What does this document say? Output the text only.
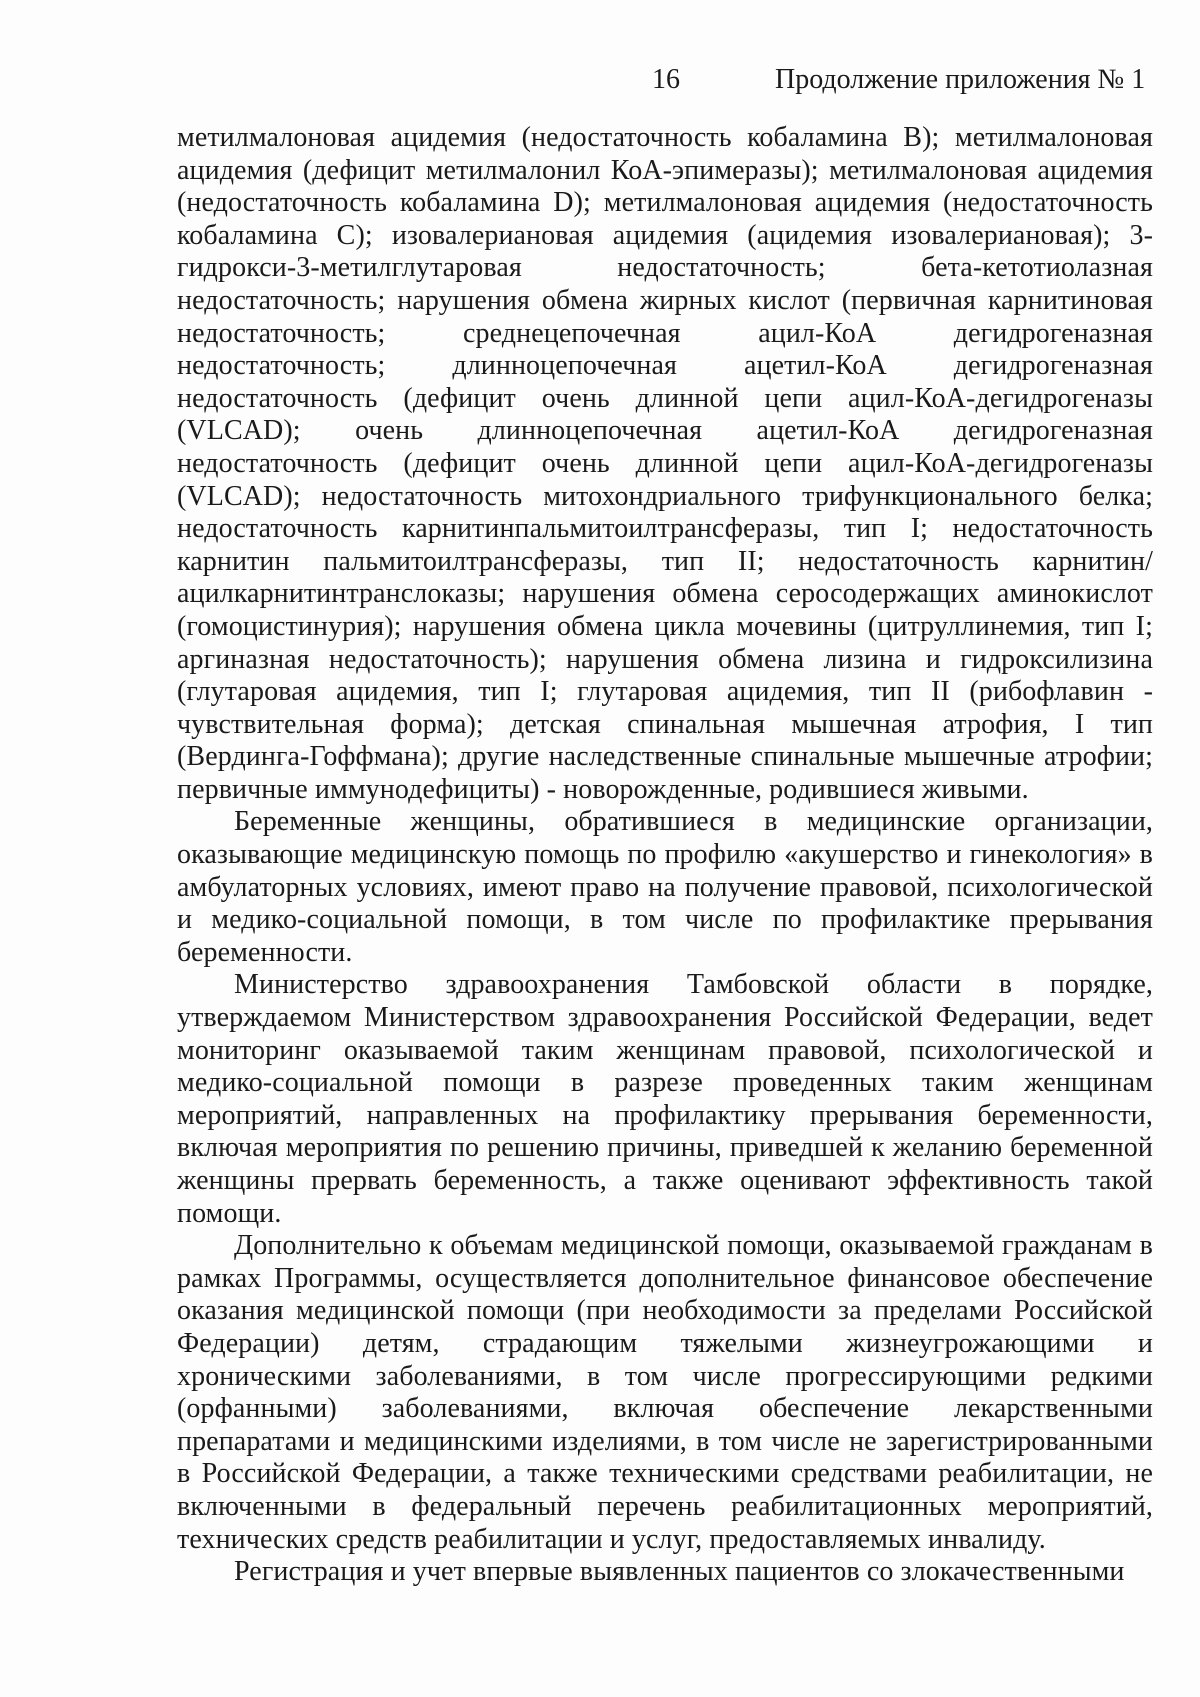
16	Продолжение приложения № 1

метилмалоновая ацидемия (недостаточность кобаламина В); метилмалоновая ацидемия (дефицит метилмалонил КоА-эпимеразы); метилмалоновая ацидемия (недостаточность кобаламина D); метилмалоновая ацидемия (недостаточность кобаламина С); изовалериановая ацидемия (ацидемия изовалериановая); 3-гидрокси-3-метилглутаровая недостаточность; бета-кетотиолазная недостаточность; нарушения обмена жирных кислот (первичная карнитиновая недостаточность; среднецепочечная ацил-КоА дегидрогеназная недостаточность; длинноцепочечная ацетил-КоА дегидрогеназная недостаточность (дефицит очень длинной цепи ацил-КоА-дегидрогеназы (VLCAD); очень длинноцепочечная ацетил-КоА дегидрогеназная недостаточность (дефицит очень длинной цепи ацил-КоА-дегидрогеназы (VLCAD); недостаточность митохондриального трифункционального белка; недостаточность карнитинпальмитоилтрансферазы, тип I; недостаточность карнитин пальмитоилтрансферазы, тип II; недостаточность карнитин/ацилкарнитинтранслоказы; нарушения обмена серосодержащих аминокислот (гомоцистинурия); нарушения обмена цикла мочевины (цитруллинемия, тип I; аргиназная недостаточность); нарушения обмена лизина и гидроксилизина (глутаровая ацидемия, тип I; глутаровая ацидемия, тип II (рибофлавин - чувствительная форма); детская спинальная мышечная атрофия, I тип (Вердинга-Гоффмана); другие наследственные спинальные мышечные атрофии; первичные иммунодефициты) - новорожденные, родившиеся живыми.

Беременные женщины, обратившиеся в медицинские организации, оказывающие медицинскую помощь по профилю «акушерство и гинекология» в амбулаторных условиях, имеют право на получение правовой, психологической и медико-социальной помощи, в том числе по профилактике прерывания беременности.

Министерство здравоохранения Тамбовской области в порядке, утверждаемом Министерством здравоохранения Российской Федерации, ведет мониторинг оказываемой таким женщинам правовой, психологической и медико-социальной помощи в разрезе проведенных таким женщинам мероприятий, направленных на профилактику прерывания беременности, включая мероприятия по решению причины, приведшей к желанию беременной женщины прервать беременность, а также оценивают эффективность такой помощи.

Дополнительно к объемам медицинской помощи, оказываемой гражданам в рамках Программы, осуществляется дополнительное финансовое обеспечение оказания медицинской помощи (при необходимости за пределами Российской Федерации) детям, страдающим тяжелыми жизнеугрожающими и хроническими заболеваниями, в том числе прогрессирующими редкими (орфанными) заболеваниями, включая обеспечение лекарственными препаратами и медицинскими изделиями, в том числе не зарегистрированными в Российской Федерации, а также техническими средствами реабилитации, не включенными в федеральный перечень реабилитационных мероприятий, технических средств реабилитации и услуг, предоставляемых инвалиду.

Регистрация и учет впервые выявленных пациентов со злокачественными
